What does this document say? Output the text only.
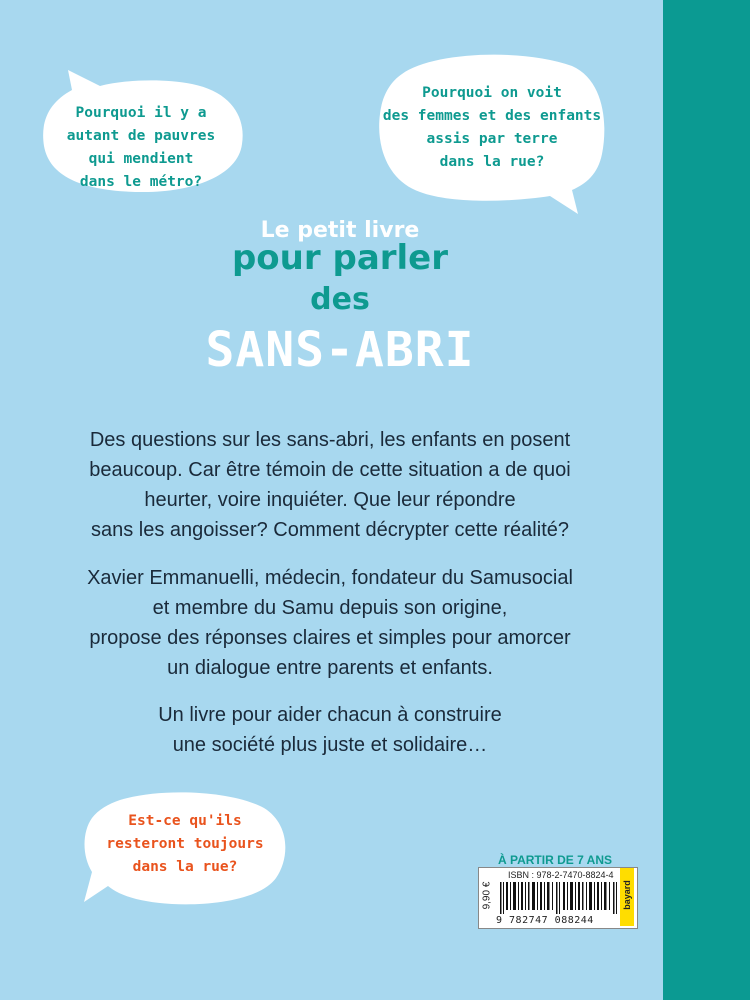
Pourquoi il y a
autant de pauvres
qui mendient
dans le métro?
Pourquoi on voit
des femmes et des enfants
assis par terre
dans la rue?
Le petit livre
pour parler
des
SANS-ABRI
Des questions sur les sans-abri, les enfants en posent
beaucoup. Car être témoin de cette situation a de quoi
heurter, voire inquiéter. Que leur répondre
sans les angoisser? Comment décrypter cette réalité?
Xavier Emmanuelli, médecin, fondateur du Samusocial
et membre du Samu depuis son origine,
propose des réponses claires et simples pour amorcer
un dialogue entre parents et enfants.
Un livre pour aider chacun à construire
une société plus juste et solidaire…
Est-ce qu'ils
resteront toujours
dans la rue?	À PARTIR DE 7 ANS
9,90 €
ISBN : 978-2-7470-8824-4
9 782747 088244
bayard
